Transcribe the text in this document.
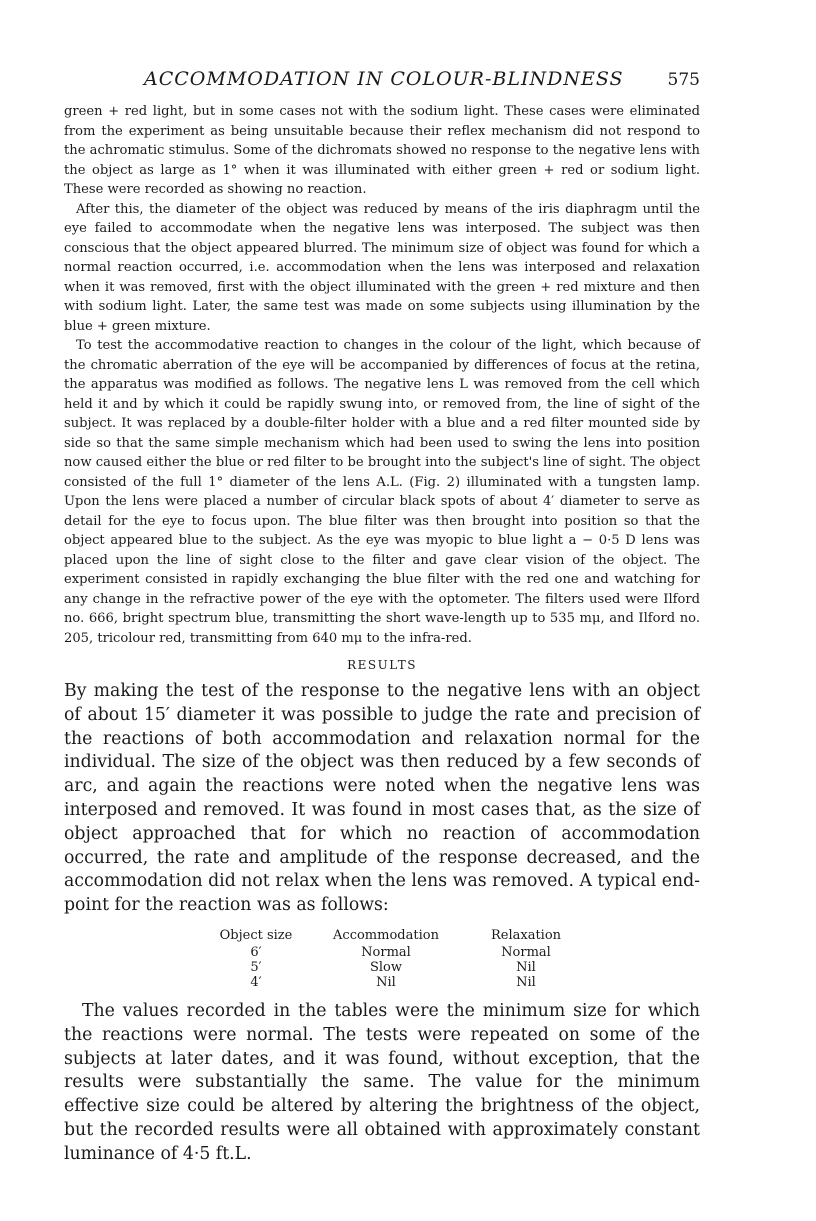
ACCOMMODATION IN COLOUR-BLINDNESS	575

green + red light, but in some cases not with the sodium light. These cases were eliminated from the experiment as being unsuitable because their reflex mechanism did not respond to the achromatic stimulus. Some of the dichromats showed no response to the negative lens with the object as large as 1° when it was illuminated with either green + red or sodium light. These were recorded as showing no reaction.

After this, the diameter of the object was reduced by means of the iris diaphragm until the eye failed to accommodate when the negative lens was interposed. The subject was then conscious that the object appeared blurred. The minimum size of object was found for which a normal reaction occurred, i.e. accommodation when the lens was interposed and relaxation when it was removed, first with the object illuminated with the green + red mixture and then with sodium light. Later, the same test was made on some subjects using illumination by the blue + green mixture.

To test the accommodative reaction to changes in the colour of the light, which because of the chromatic aberration of the eye will be accompanied by differences of focus at the retina, the apparatus was modified as follows. The negative lens L was removed from the cell which held it and by which it could be rapidly swung into, or removed from, the line of sight of the subject. It was replaced by a double-filter holder with a blue and a red filter mounted side by side so that the same simple mechanism which had been used to swing the lens into position now caused either the blue or red filter to be brought into the subject's line of sight. The object consisted of the full 1° diameter of the lens A.L. (Fig. 2) illuminated with a tungsten lamp. Upon the lens were placed a number of circular black spots of about 4′ diameter to serve as detail for the eye to focus upon. The blue filter was then brought into position so that the object appeared blue to the subject. As the eye was myopic to blue light a − 0·5 D lens was placed upon the line of sight close to the filter and gave clear vision of the object. The experiment consisted in rapidly exchanging the blue filter with the red one and watching for any change in the refractive power of the eye with the optometer. The filters used were Ilford no. 666, bright spectrum blue, transmitting the short wave-length up to 535 mμ, and Ilford no. 205, tricolour red, transmitting from 640 mμ to the infra-red.

RESULTS

By making the test of the response to the negative lens with an object of about 15′ diameter it was possible to judge the rate and precision of the reactions of both accommodation and relaxation normal for the individual. The size of the object was then reduced by a few seconds of arc, and again the reactions were noted when the negative lens was interposed and removed. It was found in most cases that, as the size of object approached that for which no reaction of accommodation occurred, the rate and amplitude of the response decreased, and the accommodation did not relax when the lens was removed. A typical end-point for the reaction was as follows:

Object size	Accommodation	Relaxation
6′	Normal	Normal
5′	Slow	Nil
4′	Nil	Nil

The values recorded in the tables were the minimum size for which the reactions were normal. The tests were repeated on some of the subjects at later dates, and it was found, without exception, that the results were substantially the same. The value for the minimum effective size could be altered by altering the brightness of the object, but the recorded results were all obtained with approximately constant luminance of 4·5 ft.L.
